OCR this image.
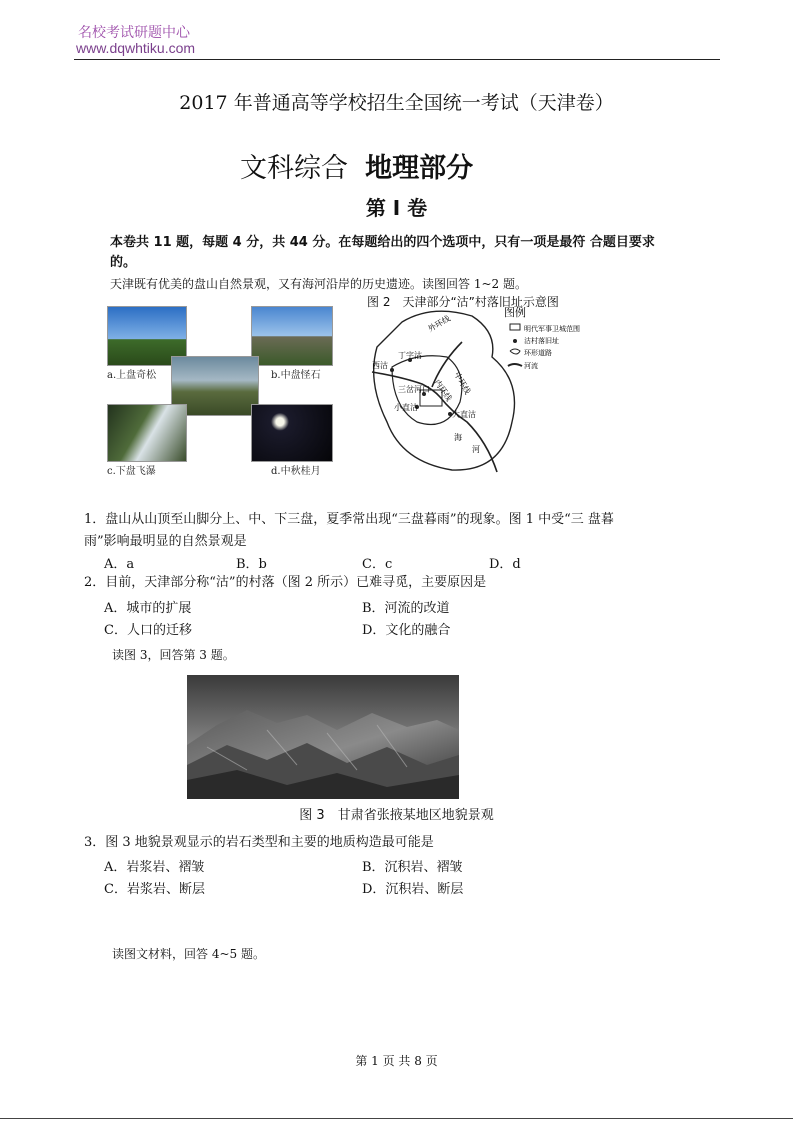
名校考试研题中心
www.dqwhtiku.com
2017 年普通高等学校招生全国统一考试（天津卷）
文科综合 地理部分
第 I 卷
本卷共 11 题，每题 4 分，共 44 分。在每题给出的四个选项中，只有一项是最符 合题目要求的。
天津既有优美的盘山自然景观，又有海河沿岸的历史遗迹。读图回答 1~2 题。
a.上盘奇松	b.中盘怪石
c.下盘飞瀑	d.中秋桂月
图 2　天津部分“沽”村落旧址示意图
外环线
丁字沽
西沽
中环线
内环线
三岔河口
大直沽
小直沽
海
河
图例
明代军事卫城范围
沽村落旧址
环形道路
河流
1．盘山从山顶至山脚分上、中、下三盘，夏季常出现“三盘暮雨”的现象。图 1 中受“三 盘暮
雨”影响最明显的自然景观是
A．a	B．b	C．c	D．d
2．目前，天津部分称“沽”的村落（图 2 所示）已难寻觅，主要原因是
A．城市的扩展	B．河流的改道
C．人口的迁移	D．文化的融合
读图 3，回答第 3 题。
图 3　甘肃省张掖某地区地貌景观
3．图 3 地貌景观显示的岩石类型和主要的地质构造最可能是
A．岩浆岩、褶皱	B．沉积岩、褶皱
C．岩浆岩、断层	D．沉积岩、断层
读图文材料，回答 4~5 题。
第 1 页 共 8 页
